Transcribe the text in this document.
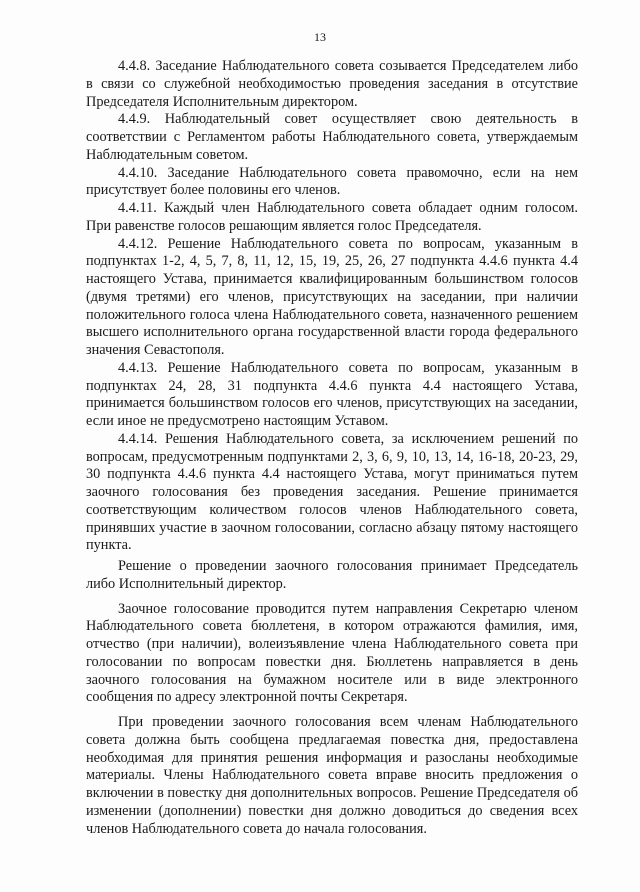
13

4.4.8. Заседание Наблюдательного совета созывается Председателем либо в связи со служебной необходимостью проведения заседания в отсутствие Председателя Исполнительным директором.

4.4.9. Наблюдательный совет осуществляет свою деятельность в соответствии с Регламентом работы Наблюдательного совета, утверждаемым Наблюдательным советом.

4.4.10. Заседание Наблюдательного совета правомочно, если на нем присутствует более половины его членов.

4.4.11. Каждый член Наблюдательного совета обладает одним голосом. При равенстве голосов решающим является голос Председателя.

4.4.12. Решение Наблюдательного совета по вопросам, указанным в подпунктах 1-2, 4, 5, 7, 8, 11, 12, 15, 19, 25, 26, 27 подпункта 4.4.6 пункта 4.4 настоящего Устава, принимается квалифицированным большинством голосов (двумя третями) его членов, присутствующих на заседании, при наличии положительного голоса члена Наблюдательного совета, назначенного решением высшего исполнительного органа государственной власти города федерального значения Севастополя.

4.4.13. Решение Наблюдательного совета по вопросам, указанным в подпунктах 24, 28, 31 подпункта 4.4.6 пункта 4.4 настоящего Устава, принимается большинством голосов его членов, присутствующих на заседании, если иное не предусмотрено настоящим Уставом.

4.4.14. Решения Наблюдательного совета, за исключением решений по вопросам, предусмотренным подпунктами 2, 3, 6, 9, 10, 13, 14, 16-18, 20-23, 29, 30 подпункта 4.4.6 пункта 4.4 настоящего Устава, могут приниматься путем заочного голосования без проведения заседания. Решение принимается соответствующим количеством голосов членов Наблюдательного совета, принявших участие в заочном голосовании, согласно абзацу пятому настоящего пункта.

Решение о проведении заочного голосования принимает Председатель либо Исполнительный директор.

Заочное голосование проводится путем направления Секретарю членом Наблюдательного совета бюллетеня, в котором отражаются фамилия, имя, отчество (при наличии), волеизъявление члена Наблюдательного совета при голосовании по вопросам повестки дня. Бюллетень направляется в день заочного голосования на бумажном носителе или в виде электронного сообщения по адресу электронной почты Секретаря.

При проведении заочного голосования всем членам Наблюдательного совета должна быть сообщена предлагаемая повестка дня, предоставлена необходимая для принятия решения информация и разосланы необходимые материалы. Члены Наблюдательного совета вправе вносить предложения о включении в повестку дня дополнительных вопросов. Решение Председателя об изменении (дополнении) повестки дня должно доводиться до сведения всех членов Наблюдательного совета до начала голосования.
